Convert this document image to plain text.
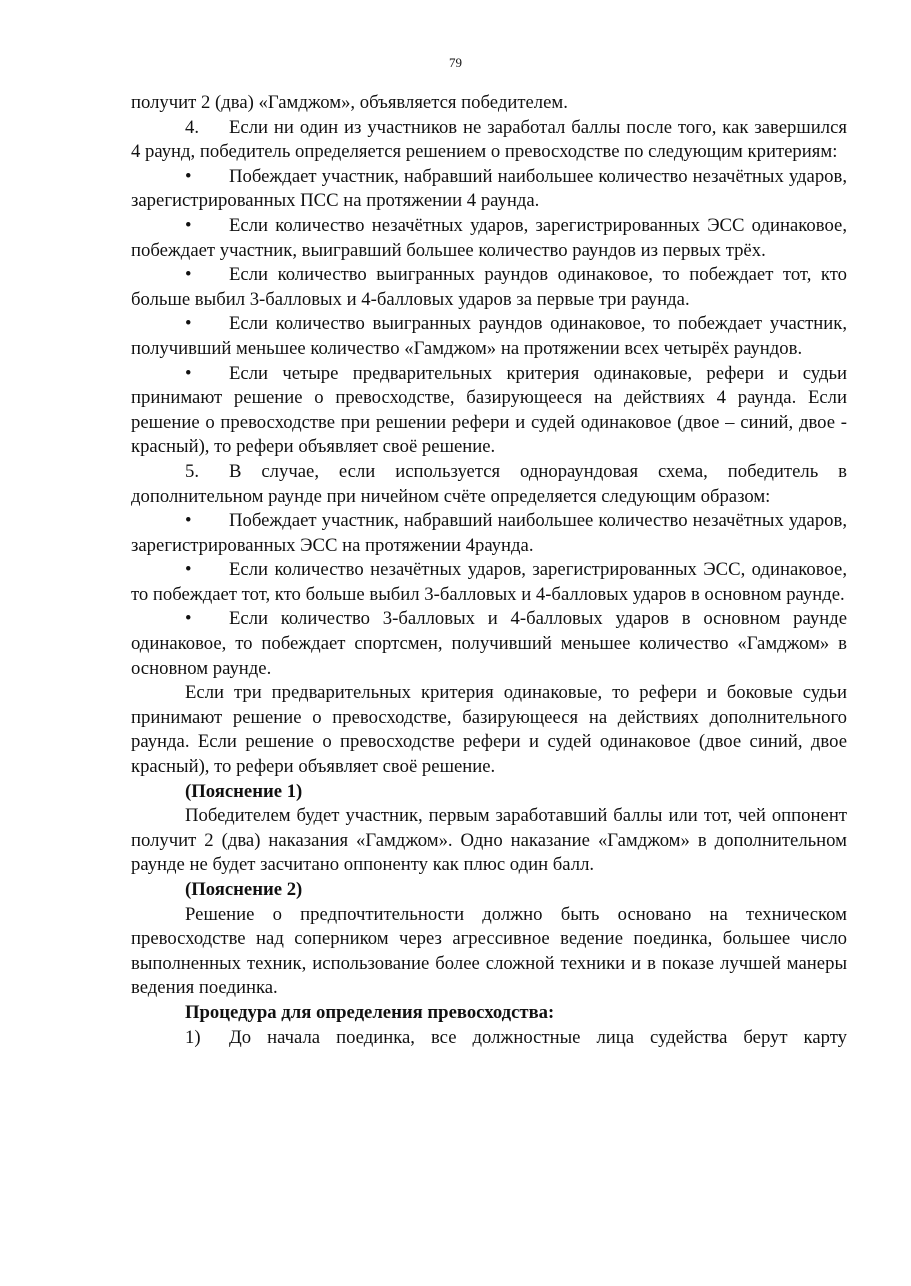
79

получит 2 (два) «Гамджом», объявляется победителем.

4. Если ни один из участников не заработал баллы после того, как завершился 4 раунд, победитель определяется решением о превосходстве по следующим критериям:

• Побеждает участник, набравший наибольшее количество незачётных ударов, зарегистрированных ПСС на протяжении 4 раунда.

• Если количество незачётных ударов, зарегистрированных ЭСС одинаковое, побеждает участник, выигравший большее количество раундов из первых трёх.

• Если количество выигранных раундов одинаковое, то побеждает тот, кто больше выбил 3-балловых и 4-балловых ударов за первые три раунда.

• Если количество выигранных раундов одинаковое, то побеждает участник, получивший меньшее количество «Гамджом» на протяжении всех четырёх раундов.

• Если четыре предварительных критерия одинаковые, рефери и судьи принимают решение о превосходстве, базирующееся на действиях 4 раунда. Если решение о превосходстве при решении рефери и судей одинаковое (двое – синий, двое - красный), то рефери объявляет своё решение.

5. В случае, если используется однораундовая схема, победитель в дополнительном раунде при ничейном счёте определяется следующим образом:

• Побеждает участник, набравший наибольшее количество незачётных ударов, зарегистрированных ЭСС на протяжении 4раунда.

• Если количество незачётных ударов, зарегистрированных ЭСС, одинаковое, то побеждает тот, кто больше выбил 3-балловых и 4-балловых ударов в основном раунде.

• Если количество 3-балловых и 4-балловых ударов в основном раунде одинаковое, то побеждает спортсмен, получивший меньшее количество «Гамджом» в основном раунде.

Если три предварительных критерия одинаковые, то рефери и боковые судьи принимают решение о превосходстве, базирующееся на действиях дополнительного раунда. Если решение о превосходстве рефери и судей одинаковое (двое синий, двое красный), то рефери объявляет своё решение.

(Пояснение 1)

Победителем будет участник, первым заработавший баллы или тот, чей оппонент получит 2 (два) наказания «Гамджом». Одно наказание «Гамджом» в дополнительном раунде не будет засчитано оппоненту как плюс один балл.

(Пояснение 2)

Решение о предпочтительности должно быть основано на техническом превосходстве над соперником через агрессивное ведение поединка, большее число выполненных техник, использование более сложной техники и в показе лучшей манеры ведения поединка.

Процедура для определения превосходства:

1) До начала поединка, все должностные лица судейства берут карту
